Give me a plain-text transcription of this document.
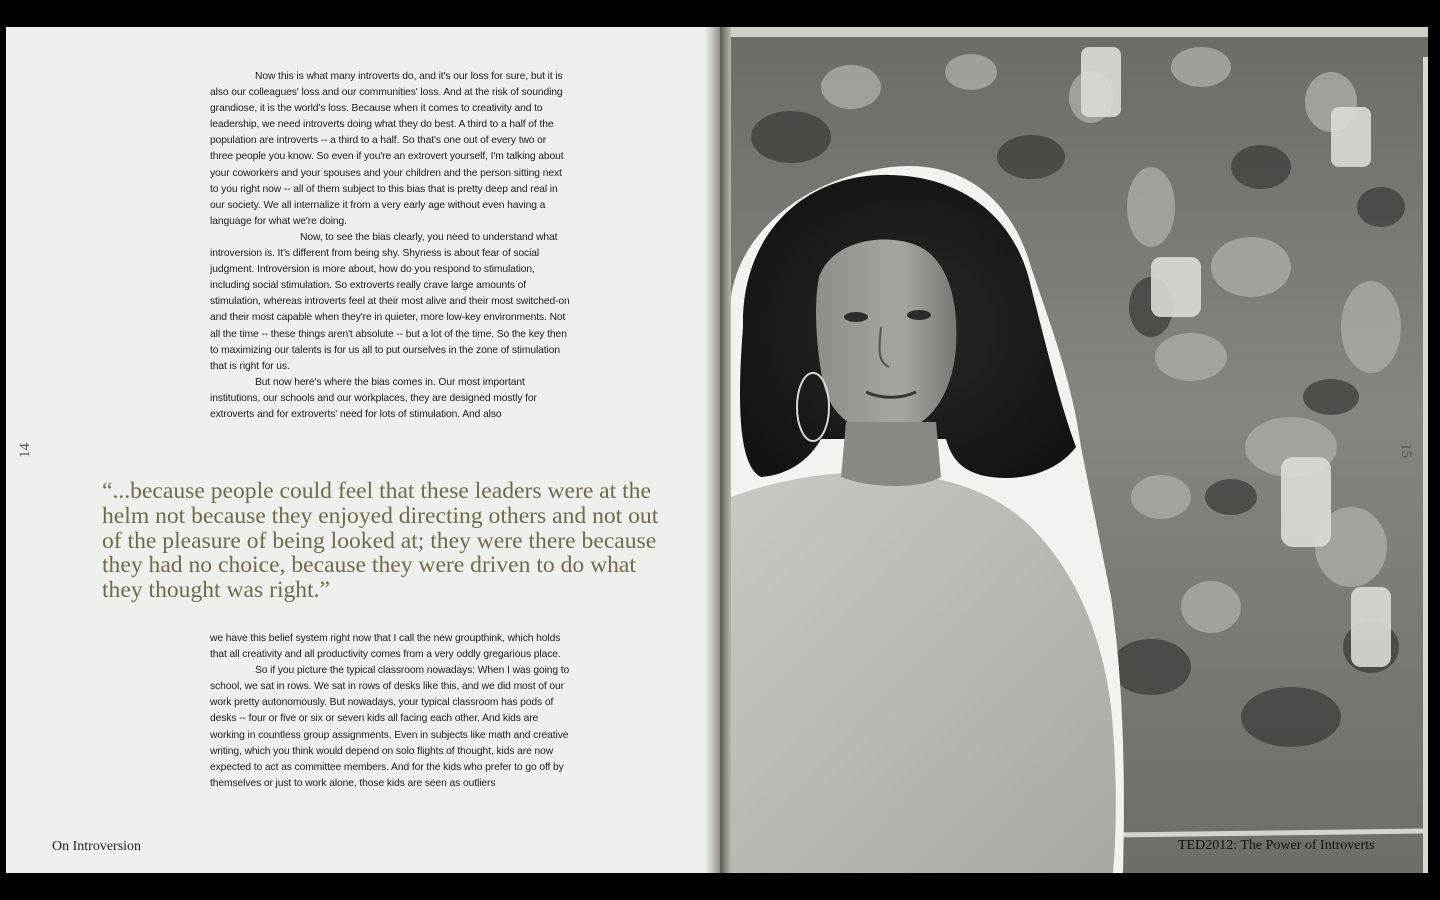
Now this is what many introverts do, and it's our loss for sure, but it is also our colleagues' loss and our communities' loss. And at the risk of sounding grandiose, it is the world's loss. Because when it comes to creativity and to leadership, we need introverts doing what they do best. A third to a half of the population are introverts -- a third to a half. So that's one out of every two or three people you know. So even if you're an extrovert yourself, I'm talking about your coworkers and your spouses and your children and the person sitting next to you right now -- all of them subject to this bias that is pretty deep and real in our society. We all internalize it from a very early age without even having a language for what we're doing.

Now, to see the bias clearly, you need to understand what introversion is. It's different from being shy. Shyness is about fear of social judgment. Introversion is more about, how do you respond to stimulation, including social stimulation. So extroverts really crave large amounts of stimulation, whereas introverts feel at their most alive and their most switched-on and their most capable when they're in quieter, more low-key environments. Not all the time -- these things aren't absolute -- but a lot of the time. So the key then to maximizing our talents is for us all to put ourselves in the zone of stimulation that is right for us.

But now here's where the bias comes in. Our most important institutions, our schools and our workplaces, they are designed mostly for extroverts and for extroverts' need for lots of stimulation. And also

“...because people could feel that these leaders were at the helm not because they enjoyed directing others and not out of the pleasure of being looked at; they were there because they had no choice, because they were driven to do what they thought was right.”

we have this belief system right now that I call the new groupthink, which holds that all creativity and all productivity comes from a very oddly gregarious place.

So if you picture the typical classroom nowadays: When I was going to school, we sat in rows. We sat in rows of desks like this, and we did most of our work pretty autonomously. But nowadays, your typical classroom has pods of desks -- four or five or six or seven kids all facing each other. And kids are working in countless group assignments. Even in subjects like math and creative writing, which you think would depend on solo flights of thought, kids are now expected to act as committee members. And for the kids who prefer to go off by themselves or just to work alone, those kids are seen as outliers

On Introversion
14	15
TED2012: The Power of Introverts
